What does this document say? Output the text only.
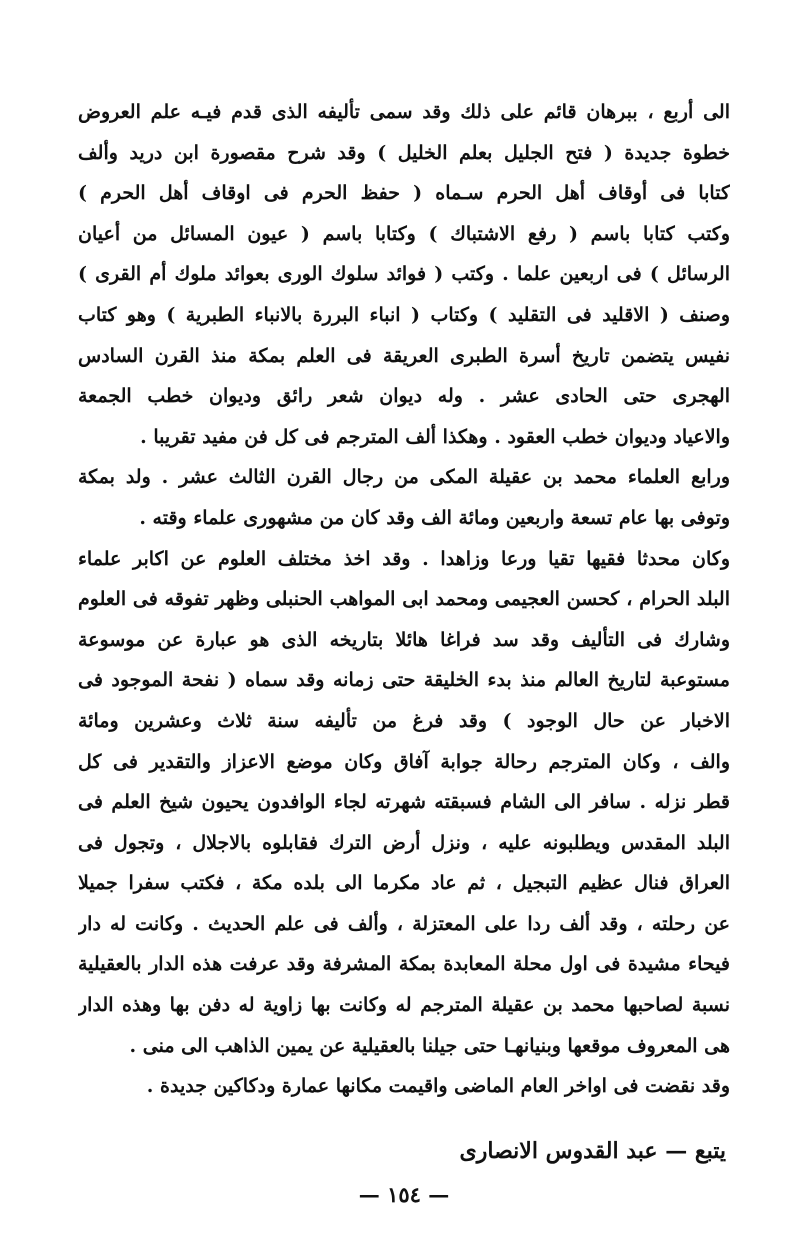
الى أربع ، ببرهان قائم على ذلك وقد سمى تأليفه الذى قدم فيـه علم العروض
خطوة جديدة ( فتح الجليل بعلم الخليل ) وقد شرح مقصورة ابن دريد وألف
كتابا فى أوقاف أهل الحرم سـماه ( حفظ الحرم فى اوقاف أهل الحرم )
وكتب كتابا باسم ( رفع الاشتباك ) وكتابا باسم ( عيون المسائل من أعيان
الرسائل ) فى اربعين علما . وكتب ( فوائد سلوك الورى بعوائد ملوك أم القرى )
وصنف ( الاقليد فى التقليد ) وكتاب ( انباء البررة بالانباء الطبرية ) وهو كتاب
نفيس يتضمن تاريخ أسرة الطبرى العريقة فى العلم بمكة منذ القرن السادس
الهجرى حتى الحادى عشر . وله ديوان شعر رائق وديوان خطب الجمعة
والاعياد وديوان خطب العقود . وهكذا ألف المترجم فى كل فن مفيد تقريبا .
ورابع العلماء محمد بن عقيلة المكى من رجال القرن الثالث عشر . ولد بمكة
وتوفى بها عام تسعة واربعين ومائة الف وقد كان من مشهورى علماء وقته .
وكان محدثا فقيها تقيا ورعا وزاهدا . وقد اخذ مختلف العلوم عن اكابر علماء
البلد الحرام ، كحسن العجيمى ومحمد ابى المواهب الحنبلى وظهر تفوقه فى العلوم
وشارك فى التأليف وقد سد فراغا هائلا بتاريخه الذى هو عبارة عن موسوعة
مستوعبة لتاريخ العالم منذ بدء الخليقة حتى زمانه وقد سماه ( نفحة الموجود فى
الاخبار عن حال الوجود ) وقد فرغ من تأليفه سنة ثلاث وعشرين ومائة
والف ، وكان المترجم رحالة جوابة آفاق وكان موضع الاعزاز والتقدير فى كل
قطر نزله . سافر الى الشام فسبقته شهرته لجاء الوافدون يحيون شيخ العلم فى
البلد المقدس ويطلبونه عليه ، ونزل أرض الترك فقابلوه بالاجلال ، وتجول فى
العراق فنال عظيم التبجيل ، ثم عاد مكرما الى بلده مكة ، فكتب سفرا جميلا
عن رحلته ، وقد ألف ردا على المعتزلة ، وألف فى علم الحديث . وكانت له دار
فيحاء مشيدة فى اول محلة المعابدة بمكة المشرفة وقد عرفت هذه الدار بالعقيلية
نسبة لصاحبها محمد بن عقيلة المترجم له وكانت بها زاوية له دفن بها وهذه الدار
هى المعروف موقعها وبنيانهـا حتى جيلنا بالعقيلية عن يمين الذاهب الى منى .
وقد نقضت فى اواخر العام الماضى واقيمت مكانها عمارة ودكاكين جديدة .
يتبع — عبد القدوس الانصارى
— ١٥٤ —
